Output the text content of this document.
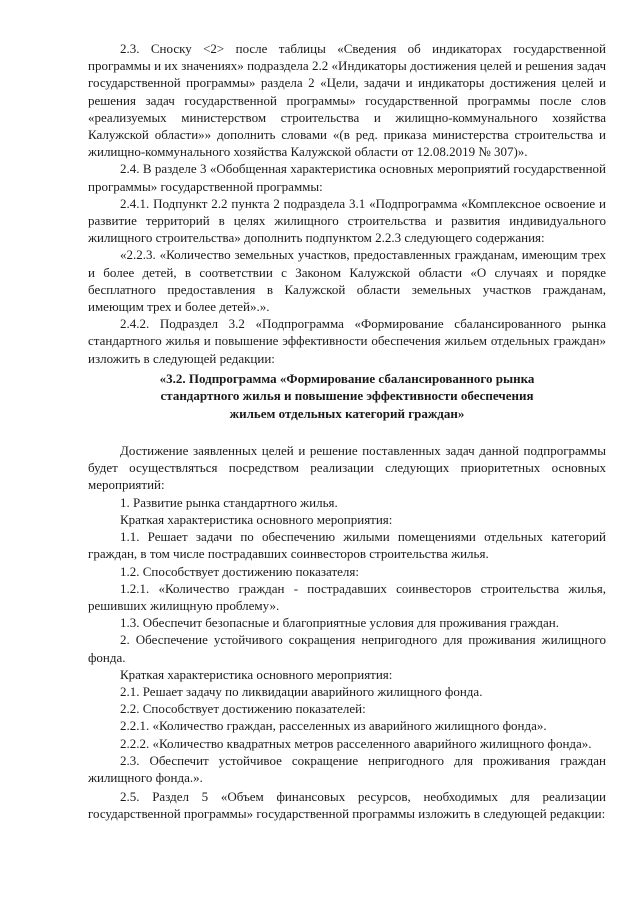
2.3. Сноску <2> после таблицы «Сведения об индикаторах государственной программы и их значениях» подраздела 2.2 «Индикаторы достижения целей и решения задач государственной программы» раздела 2 «Цели, задачи и индикаторы достижения целей и решения задач государственной программы» государственной программы после слов «реализуемых министерством строительства и жилищно-коммунального хозяйства Калужской области»» дополнить словами «(в ред. приказа министерства строительства и жилищно-коммунального хозяйства Калужской области от 12.08.2019 № 307)».

2.4. В разделе 3 «Обобщенная характеристика основных мероприятий государственной программы» государственной программы:

2.4.1. Подпункт 2.2 пункта 2 подраздела 3.1 «Подпрограмма «Комплексное освоение и развитие территорий в целях жилищного строительства и развития индивидуального жилищного строительства» дополнить подпунктом 2.2.3 следующего содержания:

«2.2.3. «Количество земельных участков, предоставленных гражданам, имеющим трех и более детей, в соответствии с Законом Калужской области «О случаях и порядке бесплатного предоставления в Калужской области земельных участков гражданам, имеющим трех и более детей».».

2.4.2. Подраздел 3.2 «Подпрограмма «Формирование сбалансированного рынка стандартного жилья и повышение эффективности обеспечения жильем отдельных граждан» изложить в следующей редакции:

«3.2. Подпрограмма «Формирование сбалансированного рынка
стандартного жилья и повышение эффективности обеспечения
жильем отдельных категорий граждан»

Достижение заявленных целей и решение поставленных задач данной подпрограммы будет осуществляться посредством реализации следующих приоритетных основных мероприятий:

1. Развитие рынка стандартного жилья.

Краткая характеристика основного мероприятия:

1.1. Решает задачи по обеспечению жилыми помещениями отдельных категорий граждан, в том числе пострадавших соинвесторов строительства жилья.

1.2. Способствует достижению показателя:

1.2.1. «Количество граждан - пострадавших соинвесторов строительства жилья, решивших жилищную проблему».

1.3. Обеспечит безопасные и благоприятные условия для проживания граждан.

2. Обеспечение устойчивого сокращения непригодного для проживания жилищного фонда.

Краткая характеристика основного мероприятия:

2.1. Решает задачу по ликвидации аварийного жилищного фонда.

2.2. Способствует достижению показателей:

2.2.1. «Количество граждан, расселенных из аварийного жилищного фонда».

2.2.2. «Количество квадратных метров расселенного аварийного жилищного фонда».

2.3. Обеспечит устойчивое сокращение непригодного для проживания граждан жилищного фонда.».

2.5. Раздел 5 «Объем финансовых ресурсов, необходимых для реализации государственной программы» государственной программы изложить в следующей редакции:
